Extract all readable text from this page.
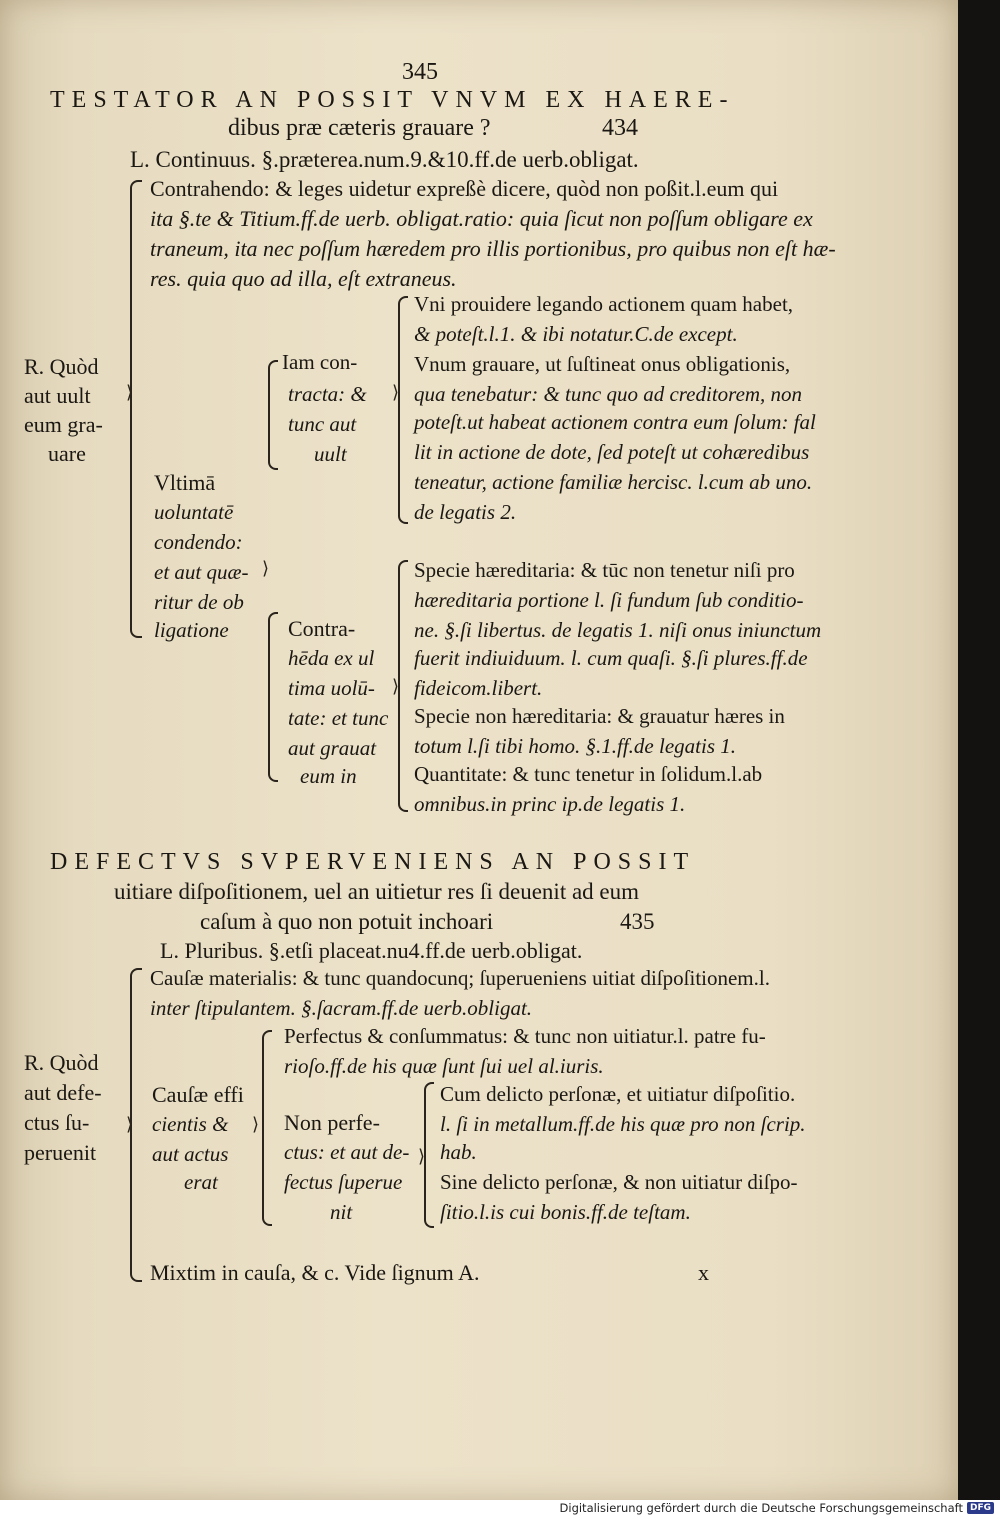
345
TESTATOR AN POSSIT VNVM EX HAERE-
dibus præ cæteris grauare ?	434
L. Continuus. §.præterea.num.9.&10.ff.de uerb.obligat.
⟩
⟩
⟩
⟩
Contrahendo: & leges uidetur expreßè dicere, quòd non poßit.l.eum qui
ita §.te & Titium.ff.de uerb. obligat.ratio: quia ſicut non poſſum obligare ex
traneum, ita nec poſſum hæredem pro illis portionibus, pro quibus non eſt hæ-
res. quia quo ad illa, eſt extraneus.
R. Quòd
aut uult
eum gra-
uare
Vltimā
uoluntatē
condendo:
et aut quæ-
ritur de ob
ligatione
Iam con-
tracta: &
tunc aut
uult
Vni prouidere legando actionem quam habet,
& poteſt.l.1. & ibi notatur.C.de except.
Vnum grauare, ut ſuſtineat onus obligationis,
qua tenebatur: & tunc quo ad creditorem, non
poteſt.ut habeat actionem contra eum ſolum: fal
lit in actione de dote, ſed poteſt ut cohæredibus
teneatur, actione familiæ hercisc. l.cum ab uno.
de legatis 2.
Contra-
hēda ex ul
tima uolū-
tate: et tunc
aut grauat
eum in
Specie hæreditaria: & tūc non tenetur niſi pro
hæreditaria portione l. ſi fundum ſub conditio-
ne. §.ſi libertus. de legatis 1. niſi onus iniunctum
fuerit indiuiduum. l. cum quaſi. §.ſi plures.ff.de
fideicom.libert.
Specie non hæreditaria: & grauatur hæres in
totum l.ſi tibi homo. §.1.ff.de legatis 1.
Quantitate: & tunc tenetur in ſolidum.l.ab
omnibus.in princ ip.de legatis 1.
DEFECTVS SVPERVENIENS AN POSSIT
uitiare diſpoſitionem, uel an uitietur res ſi deuenit ad eum
caſum à quo non potuit inchoari	435
L. Pluribus. §.etſi placeat.nu4.ff.de uerb.obligat.
⟩	⟩
⟩
Cauſæ materialis: & tunc quandocunq; ſuperueniens uitiat diſpoſitionem.l.
inter ſtipulantem. §.ſacram.ff.de uerb.obligat.
R. Quòd
aut defe-
ctus ſu-
peruenit
Cauſæ effi
cientis &
aut actus
erat
Perfectus & conſummatus: & tunc non uitiatur.l. patre fu-
rioſo.ff.de his quæ ſunt ſui uel al.iuris.
Non perfe-
ctus: et aut de-
fectus ſuperue
nit
Cum delicto perſonæ, et uitiatur diſpoſitio.
l. ſi in metallum.ff.de his quæ pro non ſcrip.
hab.
Sine delicto perſonæ, & non uitiatur diſpo-
ſitio.l.is cui bonis.ff.de teſtam.
Mixtim in cauſa, & c. Vide ſignum A.	x
Digitalisierung gefördert durch die Deutsche Forschungsgemeinschaft DFG
